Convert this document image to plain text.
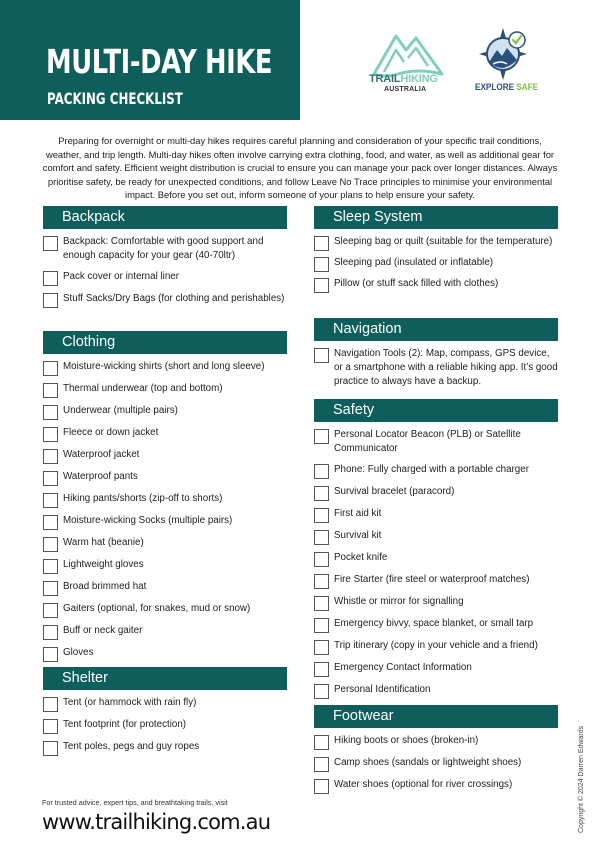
MULTI-DAY HIKE
PACKING CHECKLIST
TRAILHIKING™
AUSTRALIA	EXPLORE SAFE
Preparing for overnight or multi-day hikes requires careful planning and consideration of your specific trail conditions, weather, and trip length. Multi-day hikes often involve carrying extra clothing, food, and water, as well as additional gear for comfort and safety. Efficient weight distribution is crucial to ensure you can manage your pack over longer distances. Always prioritise safety, be ready for unexpected conditions, and follow Leave No Trace principles to minimise your environmental impact. Before you set out, inform someone of your plans to help ensure your safety.
Backpack
Backpack: Comfortable with good support and enough capacity for your gear (40-70ltr)
Pack cover or internal liner
Stuff Sacks/Dry Bags (for clothing and perishables)
Clothing
Moisture-wicking shirts (short and long sleeve)
Thermal underwear (top and bottom)
Underwear (multiple pairs)
Fleece or down jacket
Waterproof jacket
Waterproof pants
Hiking pants/shorts (zip-off to shorts)
Moisture-wicking Socks (multiple pairs)
Warm hat (beanie)
Lightweight gloves
Broad brimmed hat
Gaiters (optional, for snakes, mud or snow)
Buff or neck gaiter
Gloves
Shelter
Tent (or hammock with rain fly)
Tent footprint (for protection)
Tent poles, pegs and guy ropes
Sleep System
Sleeping bag or quilt (suitable for the temperature)
Sleeping pad (insulated or inflatable)
Pillow (or stuff sack filled with clothes)
Navigation
Navigation Tools (2): Map, compass, GPS device, or a smartphone with a reliable hiking app. It’s good practice to always have a backup.
Safety
Personal Locator Beacon (PLB) or Satellite Communicator
Phone: Fully charged with a portable charger
Survival bracelet (paracord)
First aid kit
Survival kit
Pocket knife
Fire Starter (fire steel or waterproof matches)
Whistle or mirror for signalling
Emergency bivvy, space blanket, or small tarp
Trip itinerary (copy in your vehicle and a friend)
Emergency Contact Information
Personal Identification
Footwear
Hiking boots or shoes (broken-in)
Camp shoes (sandals or lightweight shoes)
Water shoes (optional for river crossings)
For trusted advice, expert tips, and breathtaking trails, visit
www.trailhiking.com.au	Copyright © 2024 Darren Edwards
